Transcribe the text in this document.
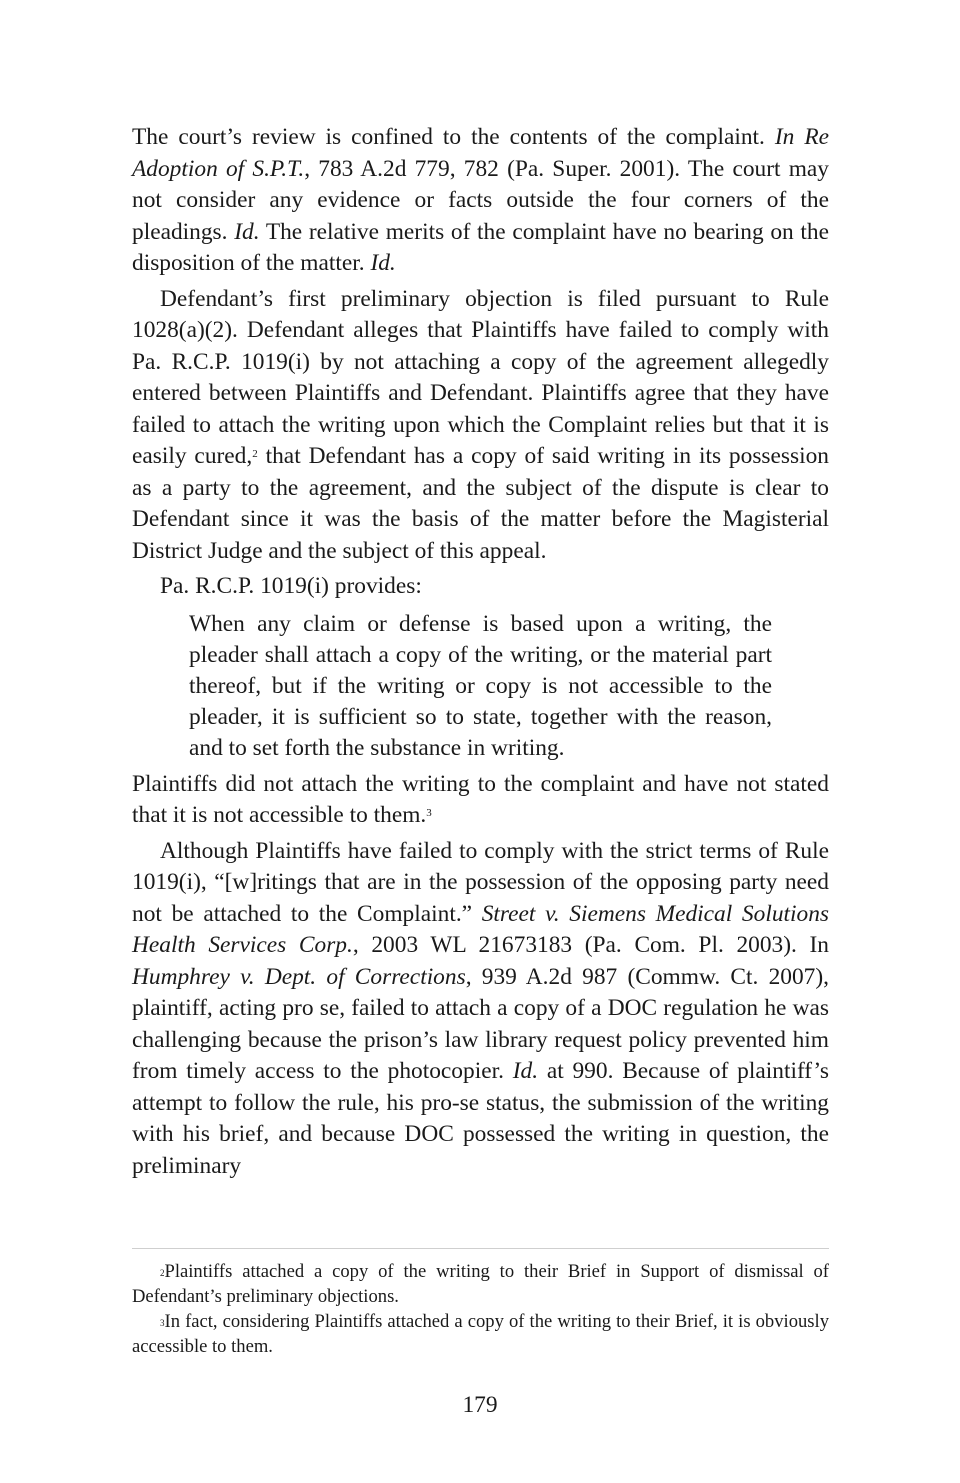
The court’s review is confined to the contents of the complaint. In Re Adoption of S.P.T., 783 A.2d 779, 782 (Pa. Super. 2001). The court may not consider any evidence or facts outside the four corners of the pleadings. Id. The relative merits of the complaint have no bearing on the disposition of the matter. Id.

Defendant’s first preliminary objection is filed pursuant to Rule 1028(a)(2). Defendant alleges that Plaintiffs have failed to comply with Pa. R.C.P. 1019(i) by not attaching a copy of the agreement allegedly entered between Plaintiffs and Defendant. Plaintiffs agree that they have failed to attach the writing upon which the Complaint relies but that it is easily cured,$^2$ that Defendant has a copy of said writing in its possession as a party to the agreement, and the subject of the dispute is clear to Defendant since it was the basis of the matter before the Magisterial District Judge and the subject of this appeal.

Pa. R.C.P. 1019(i) provides:

When any claim or defense is based upon a writing, the pleader shall attach a copy of the writing, or the material part thereof, but if the writing or copy is not accessible to the pleader, it is sufficient so to state, together with the reason, and to set forth the substance in writing.

Plaintiffs did not attach the writing to the complaint and have not stated that it is not accessible to them.$^3$

Although Plaintiffs have failed to comply with the strict terms of Rule 1019(i), “[w]ritings that are in the possession of the opposing party need not be attached to the Complaint.” Street v. Siemens Medical Solutions Health Services Corp., 2003 WL 21673183 (Pa. Com. Pl. 2003). In Humphrey v. Dept. of Corrections, 939 A.2d 987 (Commw. Ct. 2007), plaintiff, acting pro se, failed to attach a copy of a DOC regulation he was challenging because the prison’s law library request policy prevented him from timely access to the photocopier. Id. at 990. Because of plaintiff’s attempt to follow the rule, his pro-se status, the submission of the writing with his brief, and because DOC possessed the writing in question, the preliminary

$^2$Plaintiffs attached a copy of the writing to their Brief in Support of dismissal of Defendant’s preliminary objections.

$^3$In fact, considering Plaintiffs attached a copy of the writing to their Brief, it is obviously accessible to them.

179
